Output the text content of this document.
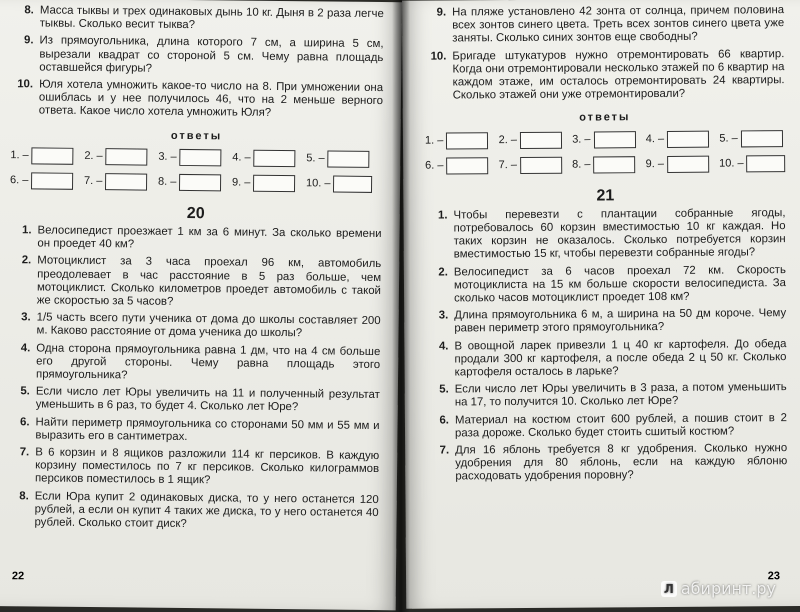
8. Масса тыквы и трех одинаковых дынь 10 кг. Дыня в 2 раза легче тыквы. Сколько весит тыква?
9. Из прямоугольника, длина которого 7 см, а ширина 5 см, вырезали квадрат со стороной 5 см. Чему равна площадь оставшейся фигуры?
10. Юля хотела умножить какое-то число на 8. При умножении она ошиблась и у нее получилось 46, что на 2 меньше верного ответа. Какое число хотела умножить Юля?
ответы
1. –	2. –	3. –	4. –	5. –
6. –	7. –	8. –	9. –	10. –
20
1. Велосипедист проезжает 1 км за 6 минут. За сколько времени он проедет 40 км?
2. Мотоциклист за 3 часа проехал 96 км, автомобиль преодолевает в час расстояние в 5 раз больше, чем мотоциклист. Сколько километров проедет автомобиль с такой же скоростью за 5 часов?
3. 1/5 часть всего пути ученика от дома до школы составляет 200 м. Каково расстояние от дома ученика до школы?
4. Одна сторона прямоугольника равна 1 дм, что на 4 см больше его другой стороны. Чему равна площадь этого прямоугольника?
5. Если число лет Юры увеличить на 11 и полученный результат уменьшить в 6 раз, то будет 4. Сколько лет Юре?
6. Найти периметр прямоугольника со сторонами 50 мм и 55 мм и выразить его в сантиметрах.
7. В 6 корзин и 8 ящиков разложили 114 кг персиков. В каждую корзину поместилось по 7 кг персиков. Сколько килограммов персиков поместилось в 1 ящик?
8. Если Юра купит 2 одинаковых диска, то у него останется 120 рублей, а если он купит 4 таких же диска, то у него останется 40 рублей. Сколько стоит диск?
22
9. На пляже установлено 42 зонта от солнца, причем половина всех зонтов синего цвета. Треть всех зонтов синего цвета уже заняты. Сколько синих зонтов еще свободны?
10. Бригаде штукатуров нужно отремонтировать 66 квартир. Когда они отремонтировали несколько этажей по 6 квартир на каждом этаже, им осталось отремонтировать 24 квартиры. Сколько этажей они уже отремонтировали?
ответы
1. –	2. –	3. –	4. –	5. –
6. –	7. –	8. –	9. –	10. –
21
1. Чтобы перевезти с плантации собранные ягоды, потребовалось 60 корзин вместимостью 10 кг каждая. Но таких корзин не оказалось. Сколько потребуется корзин вместимостью 15 кг, чтобы перевезти собранные ягоды?
2. Велосипедист за 6 часов проехал 72 км. Скорость мотоциклиста на 15 км больше скорости велосипедиста. За сколько часов мотоциклист проедет 108 км?
3. Длина прямоугольника 6 м, а ширина на 50 дм короче. Чему равен периметр этого прямоугольника?
4. В овощной ларек привезли 1 ц 40 кг картофеля. До обеда продали 300 кг картофеля, а после обеда 2 ц 50 кг. Сколько картофеля осталось в ларьке?
5. Если число лет Юры увеличить в 3 раза, а потом уменьшить на 17, то получится 10. Сколько лет Юре?
6. Материал на костюм стоит 600 рублей, а пошив стоит в 2 раза дороже. Сколько будет стоить сшитый костюм?
7. Для 16 яблонь требуется 8 кг удобрения. Сколько нужно удобрения для 80 яблонь, если на каждую яблоню расходовать удобрения поровну?
23
Л абиринт.ру
